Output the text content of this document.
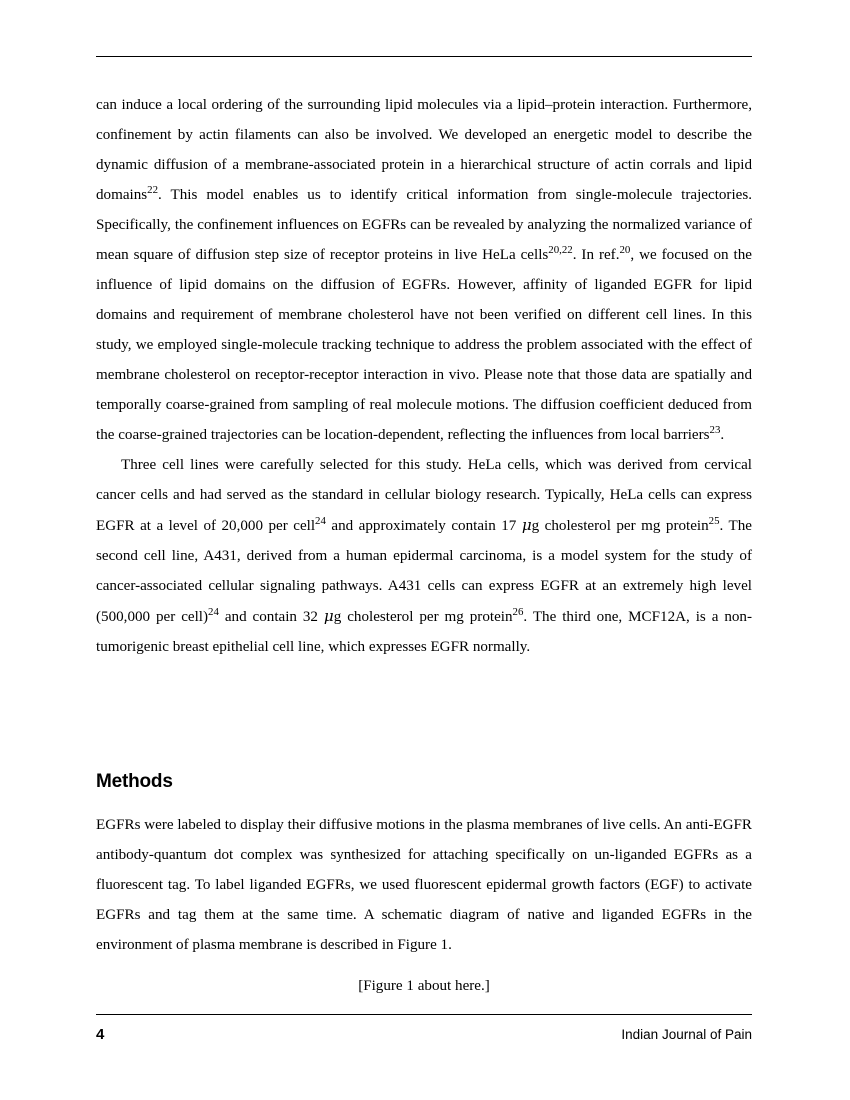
can induce a local ordering of the surrounding lipid molecules via a lipid–protein interaction. Furthermore, confinement by actin filaments can also be involved. We developed an energetic model to describe the dynamic diffusion of a membrane-associated protein in a hierarchical structure of actin corrals and lipid domains$^{22}$. This model enables us to identify critical information from single-molecule trajectories. Specifically, the confinement influences on EGFRs can be revealed by analyzing the normalized variance of mean square of diffusion step size of receptor proteins in live HeLa cells$^{20,22}$. In ref.$^{20}$, we focused on the influence of lipid domains on the diffusion of EGFRs. However, affinity of liganded EGFR for lipid domains and requirement of membrane cholesterol have not been verified on different cell lines. In this study, we employed single-molecule tracking technique to address the problem associated with the effect of membrane cholesterol on receptor-receptor interaction in vivo. Please note that those data are spatially and temporally coarse-grained from sampling of real molecule motions. The diffusion coefficient deduced from the coarse-grained trajectories can be location-dependent, reflecting the influences from local barriers$^{23}$.

Three cell lines were carefully selected for this study. HeLa cells, which was derived from cervical cancer cells and had served as the standard in cellular biology research. Typically, HeLa cells can express EGFR at a level of 20,000 per cell$^{24}$ and approximately contain 17 μg cholesterol per mg protein$^{25}$. The second cell line, A431, derived from a human epidermal carcinoma, is a model system for the study of cancer-associated cellular signaling pathways. A431 cells can express EGFR at an extremely high level (500,000 per cell)$^{24}$ and contain 32 μg cholesterol per mg protein$^{26}$. The third one, MCF12A, is a non-tumorigenic breast epithelial cell line, which expresses EGFR normally.

Methods

EGFRs were labeled to display their diffusive motions in the plasma membranes of live cells. An anti-EGFR antibody-quantum dot complex was synthesized for attaching specifically on un-liganded EGFRs as a fluorescent tag. To label liganded EGFRs, we used fluorescent epidermal growth factors (EGF) to activate EGFRs and tag them at the same time. A schematic diagram of native and liganded EGFRs in the environment of plasma membrane is described in Figure 1.

[Figure 1 about here.]
4	Indian Journal of Pain
